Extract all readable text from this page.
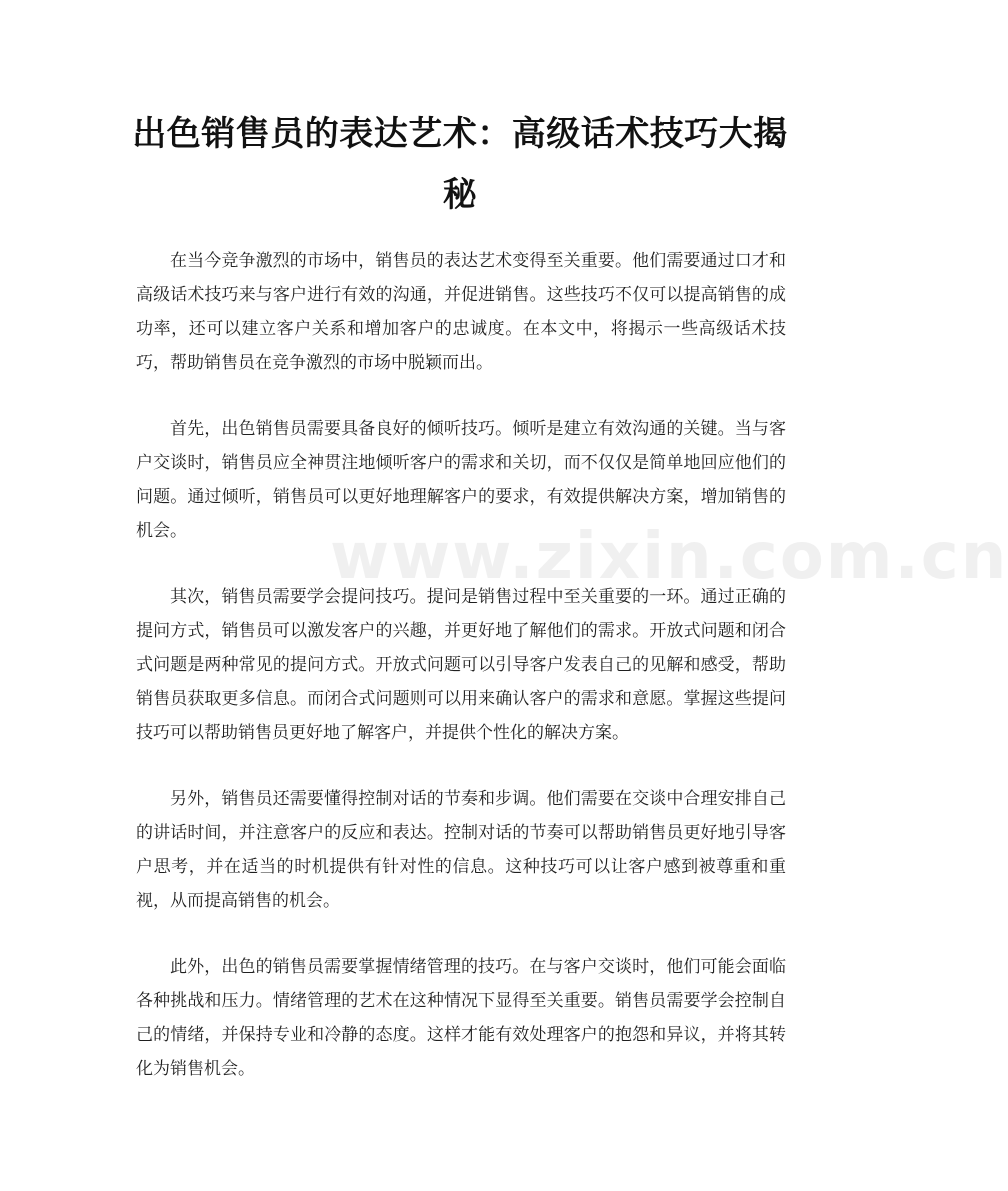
出色销售员的表达艺术：高级话术技巧大揭秘

在当今竞争激烈的市场中，销售员的表达艺术变得至关重要。他们需要通过口才和高级话术技巧来与客户进行有效的沟通，并促进销售。这些技巧不仅可以提高销售的成功率，还可以建立客户关系和增加客户的忠诚度。在本文中，将揭示一些高级话术技巧，帮助销售员在竞争激烈的市场中脱颖而出。

首先，出色销售员需要具备良好的倾听技巧。倾听是建立有效沟通的关键。当与客户交谈时，销售员应全神贯注地倾听客户的需求和关切，而不仅仅是简单地回应他们的问题。通过倾听，销售员可以更好地理解客户的要求，有效提供解决方案，增加销售的机会。

其次，销售员需要学会提问技巧。提问是销售过程中至关重要的一环。通过正确的提问方式，销售员可以激发客户的兴趣，并更好地了解他们的需求。开放式问题和闭合式问题是两种常见的提问方式。开放式问题可以引导客户发表自己的见解和感受，帮助销售员获取更多信息。而闭合式问题则可以用来确认客户的需求和意愿。掌握这些提问技巧可以帮助销售员更好地了解客户，并提供个性化的解决方案。

另外，销售员还需要懂得控制对话的节奏和步调。他们需要在交谈中合理安排自己的讲话时间，并注意客户的反应和表达。控制对话的节奏可以帮助销售员更好地引导客户思考，并在适当的时机提供有针对性的信息。这种技巧可以让客户感到被尊重和重视，从而提高销售的机会。

此外，出色的销售员需要掌握情绪管理的技巧。在与客户交谈时，他们可能会面临各种挑战和压力。情绪管理的艺术在这种情况下显得至关重要。销售员需要学会控制自己的情绪，并保持专业和冷静的态度。这样才能有效处理客户的抱怨和异议，并将其转化为销售机会。

www.zixin.com.cn
